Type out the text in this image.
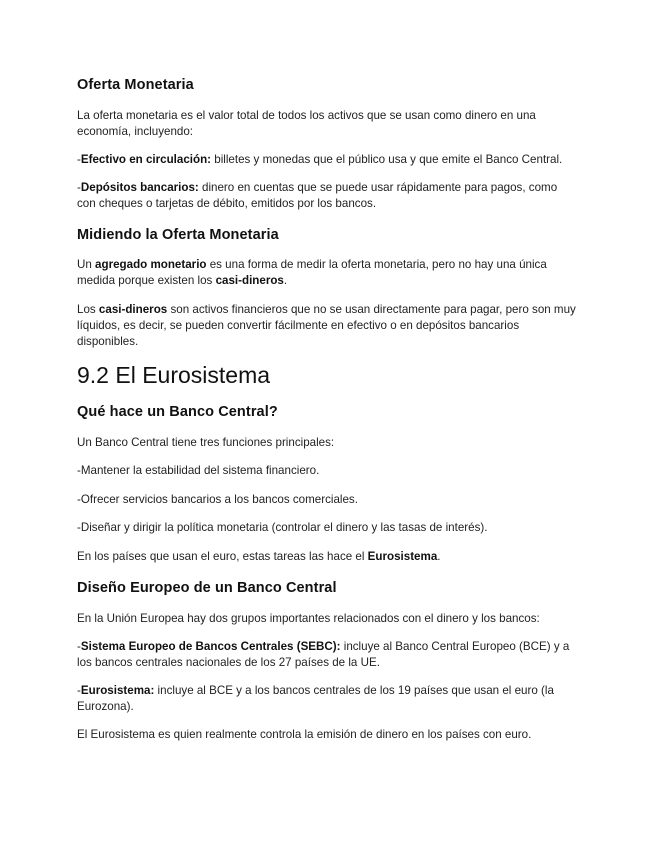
Oferta Monetaria

La oferta monetaria es el valor total de todos los activos que se usan como dinero en una economía, incluyendo:

-Efectivo en circulación: billetes y monedas que el público usa y que emite el Banco Central.

-Depósitos bancarios: dinero en cuentas que se puede usar rápidamente para pagos, como con cheques o tarjetas de débito, emitidos por los bancos.

Midiendo la Oferta Monetaria

Un agregado monetario es una forma de medir la oferta monetaria, pero no hay una única medida porque existen los casi-dineros.

Los casi-dineros son activos financieros que no se usan directamente para pagar, pero son muy líquidos, es decir, se pueden convertir fácilmente en efectivo o en depósitos bancarios disponibles.

9.2 El Eurosistema
Qué hace un Banco Central?

Un Banco Central tiene tres funciones principales:

-Mantener la estabilidad del sistema financiero.

-Ofrecer servicios bancarios a los bancos comerciales.

-Diseñar y dirigir la política monetaria (controlar el dinero y las tasas de interés).

En los países que usan el euro, estas tareas las hace el Eurosistema.

Diseño Europeo de un Banco Central

En la Unión Europea hay dos grupos importantes relacionados con el dinero y los bancos:

-Sistema Europeo de Bancos Centrales (SEBC): incluye al Banco Central Europeo (BCE) y a los bancos centrales nacionales de los 27 países de la UE.

-Eurosistema: incluye al BCE y a los bancos centrales de los 19 países que usan el euro (la Eurozona).

El Eurosistema es quien realmente controla la emisión de dinero en los países con euro.
